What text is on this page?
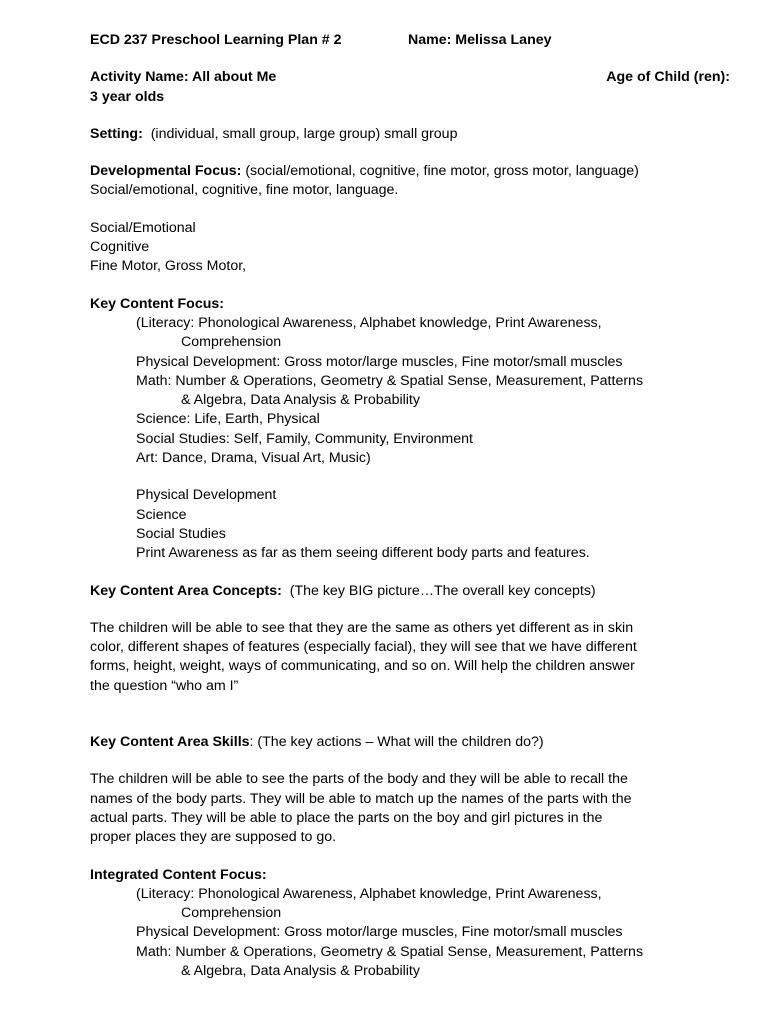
ECD 237 Preschool Learning Plan # 2	Name: Melissa Laney
Activity Name: All about Me	Age of Child (ren):
3 year olds
Setting: (individual, small group, large group) small group
Developmental Focus: (social/emotional, cognitive, fine motor, gross motor, language)
Social/emotional, cognitive, fine motor, language.
Social/Emotional
Cognitive
Fine Motor, Gross Motor,
Key Content Focus:
(Literacy: Phonological Awareness, Alphabet knowledge, Print Awareness,
Comprehension
Physical Development: Gross motor/large muscles, Fine motor/small muscles
Math: Number & Operations, Geometry & Spatial Sense, Measurement, Patterns
& Algebra, Data Analysis & Probability
Science: Life, Earth, Physical
Social Studies: Self, Family, Community, Environment
Art: Dance, Drama, Visual Art, Music)
Physical Development
Science
Social Studies
Print Awareness as far as them seeing different body parts and features.
Key Content Area Concepts: (The key BIG picture…The overall key concepts)
The children will be able to see that they are the same as others yet different as in skin
color, different shapes of features (especially facial), they will see that we have different
forms, height, weight, ways of communicating, and so on. Will help the children answer
the question “who am I”
Key Content Area Skills: (The key actions – What will the children do?)
The children will be able to see the parts of the body and they will be able to recall the
names of the body parts. They will be able to match up the names of the parts with the
actual parts. They will be able to place the parts on the boy and girl pictures in the
proper places they are supposed to go.
Integrated Content Focus:
(Literacy: Phonological Awareness, Alphabet knowledge, Print Awareness,
Comprehension
Physical Development: Gross motor/large muscles, Fine motor/small muscles
Math: Number & Operations, Geometry & Spatial Sense, Measurement, Patterns
& Algebra, Data Analysis & Probability
